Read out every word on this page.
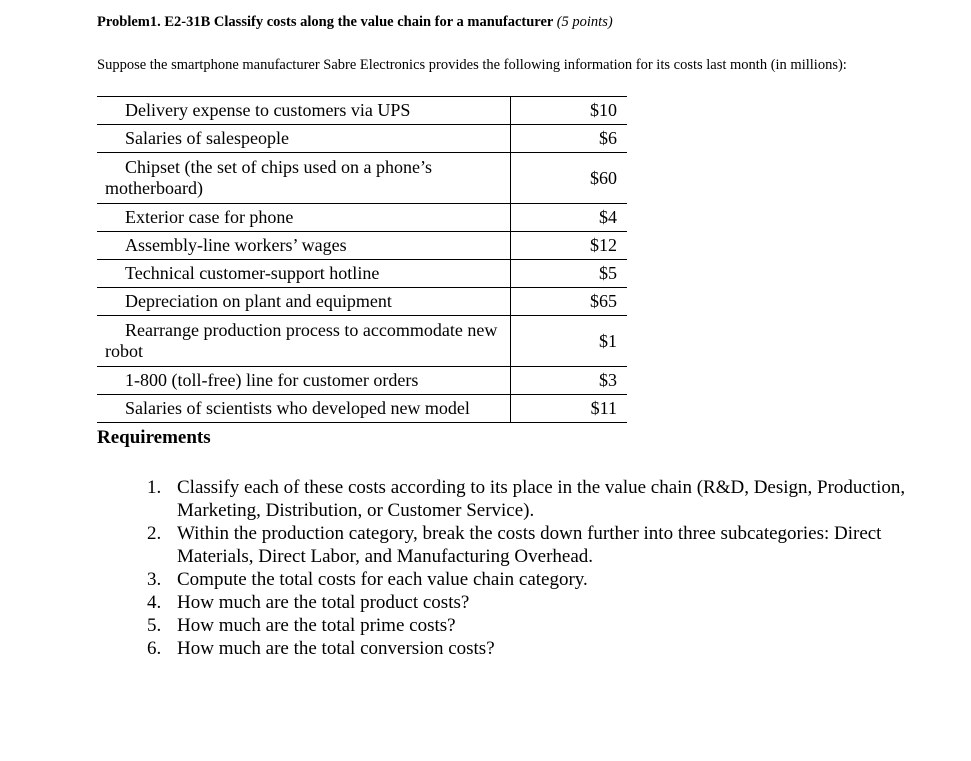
Problem1. E2-31B Classify costs along the value chain for a manufacturer (5 points)
Suppose the smartphone manufacturer Sabre Electronics provides the following information for its costs last month (in millions):
Delivery expense to customers via UPS	$10
Salaries of salespeople	$6
Chipset (the set of chips used on a phone’s motherboard)	$60
Exterior case for phone	$4
Assembly-line workers’ wages	$12
Technical customer-support hotline	$5
Depreciation on plant and equipment	$65
Rearrange production process to accommodate new robot	$1
1-800 (toll-free) line for customer orders	$3
Salaries of scientists who developed new model	$11
Requirements
1. Classify each of these costs according to its place in the value chain (R&D, Design, Production, Marketing, Distribution, or Customer Service).
2. Within the production category, break the costs down further into three subcategories: Direct Materials, Direct Labor, and Manufacturing Overhead.
3. Compute the total costs for each value chain category.
4. How much are the total product costs?
5. How much are the total prime costs?
6. How much are the total conversion costs?
